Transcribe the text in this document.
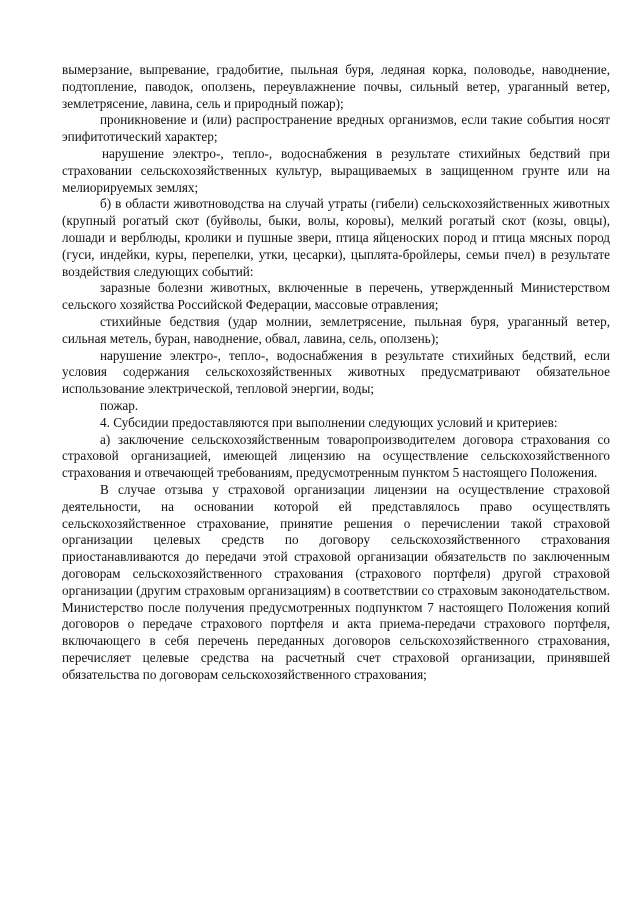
вымерзание, выпревание, градобитие, пыльная буря, ледяная корка, половодье, наводнение, подтопление, паводок, оползень, переувлажнение почвы, сильный ветер, ураганный ветер, землетрясение, лавина, сель и природный пожар);

проникновение и (или) распространение вредных организмов, если такие события носят эпифитотический характер;

нарушение электро-, тепло-, водоснабжения в результате стихийных бедствий при страховании сельскохозяйственных культур, выращиваемых в защищенном грунте или на мелиорируемых землях;

б) в области животноводства на случай утраты (гибели) сельскохозяйственных животных (крупный рогатый скот (буйволы, быки, волы, коровы), мелкий рогатый скот (козы, овцы), лошади и верблюды, кролики и пушные звери, птица яйценоских пород и птица мясных пород (гуси, индейки, куры, перепелки, утки, цесарки), цыплята-бройлеры, семьи пчел) в результате воздействия следующих событий:

заразные болезни животных, включенные в перечень, утвержденный Министерством сельского хозяйства Российской Федерации, массовые отравления;

стихийные бедствия (удар молнии, землетрясение, пыльная буря, ураганный ветер, сильная метель, буран, наводнение, обвал, лавина, сель, оползень);

нарушение электро-, тепло-, водоснабжения в результате стихийных бедствий, если условия содержания сельскохозяйственных животных предусматривают обязательное использование электрической, тепловой энергии, воды;

пожар.

4. Субсидии предоставляются при выполнении следующих условий и критериев:

а) заключение сельскохозяйственным товаропроизводителем договора страхования со страховой организацией, имеющей лицензию на осуществление сельскохозяйственного страхования и отвечающей требованиям, предусмотренным пунктом 5 настоящего Положения.

В случае отзыва у страховой организации лицензии на осуществление страховой деятельности, на основании которой ей представлялось право осуществлять сельскохозяйственное страхование, принятие решения о перечислении такой страховой организации целевых средств по договору сельскохозяйственного страхования приостанавливаются до передачи этой страховой организации обязательств по заключенным договорам сельскохозяйственного страхования (страхового портфеля) другой страховой организации (другим страховым организациям) в соответствии со страховым законодательством. Министерство после получения предусмотренных подпунктом 7 настоящего Положения копий договоров о передаче страхового портфеля и акта приема-передачи страхового портфеля, включающего в себя перечень переданных договоров сельскохозяйственного страхования, перечисляет целевые средства на расчетный счет страховой организации, принявшей обязательства по договорам сельскохозяйственного страхования;
